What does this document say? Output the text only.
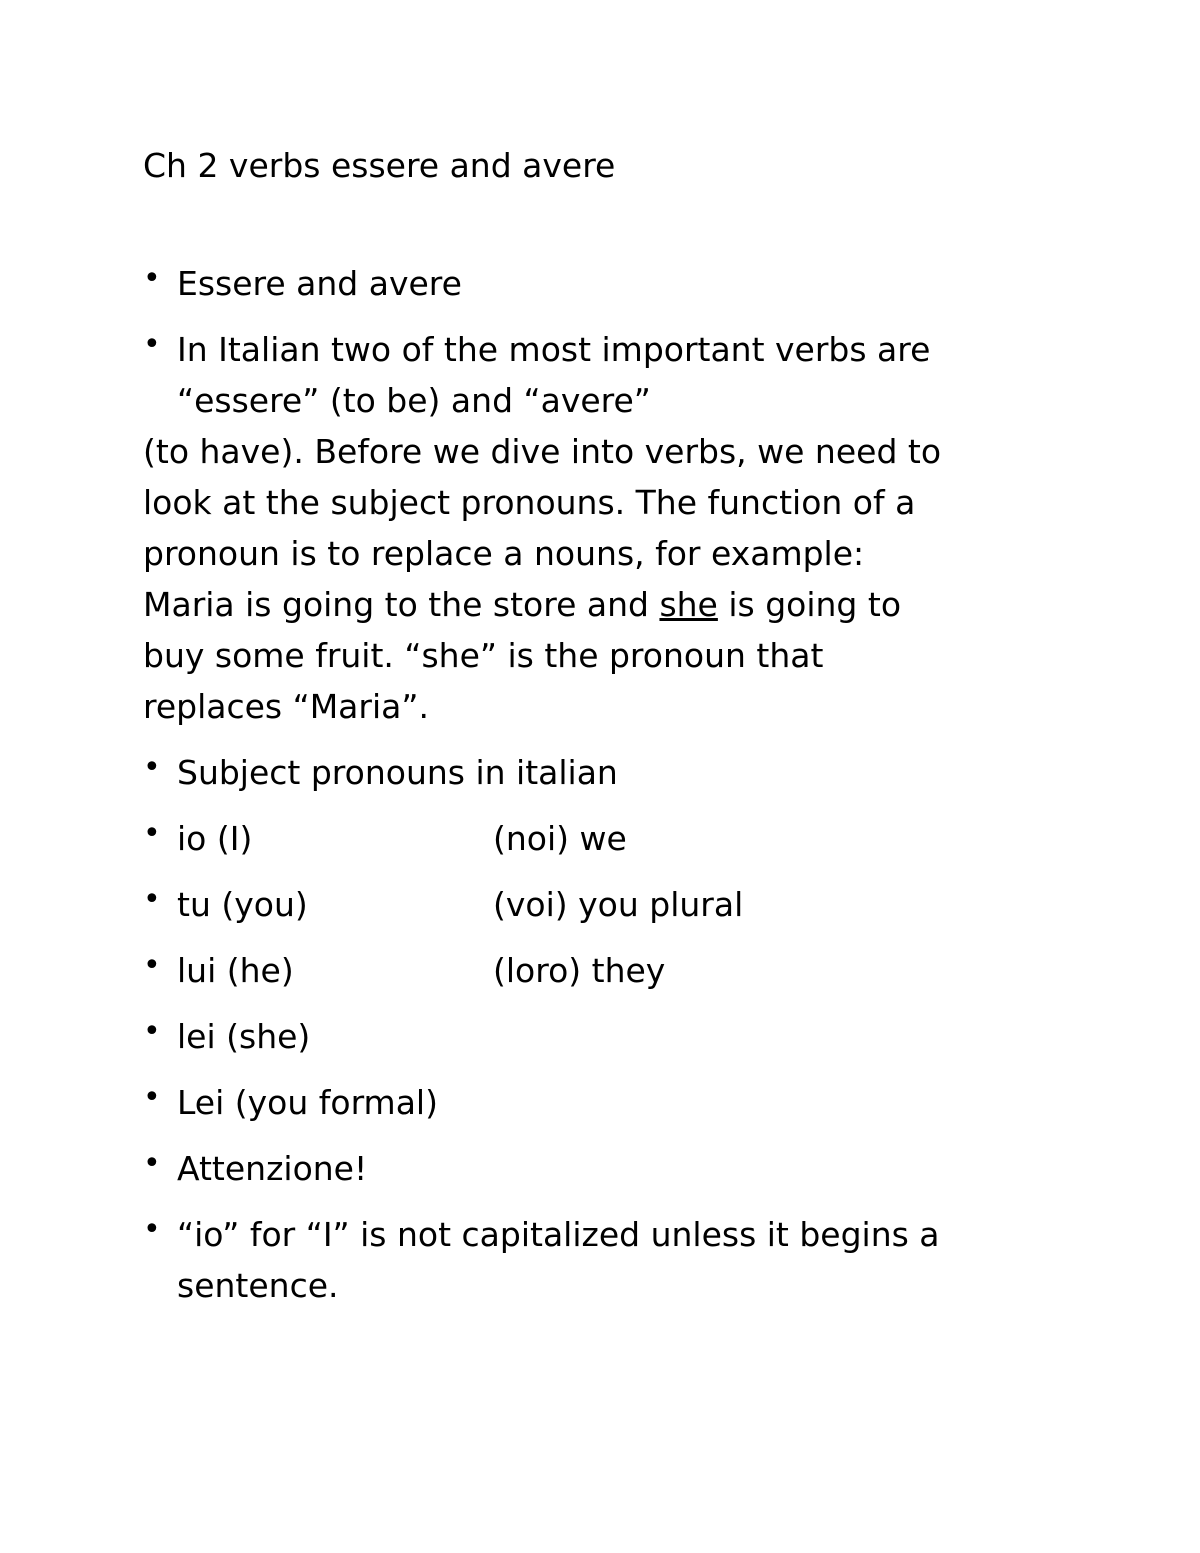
Ch 2 verbs essere and avere
• Essere and avere
• In Italian two of the most important verbs are
“essere” (to be) and “avere”
(to have). Before we dive into verbs, we need to
look at the subject pronouns. The function of a
pronoun is to replace a nouns, for example:
Maria is going to the store and she is going to
buy some fruit. “she” is the pronoun that
replaces “Maria”.
• Subject pronouns in italian
• io (I)	(noi) we
• tu (you)	(voi) you plural
• lui (he)	(loro) they
• lei (she)
• Lei (you formal)
• Attenzione!
• “io” for “I” is not capitalized unless it begins a
sentence.
